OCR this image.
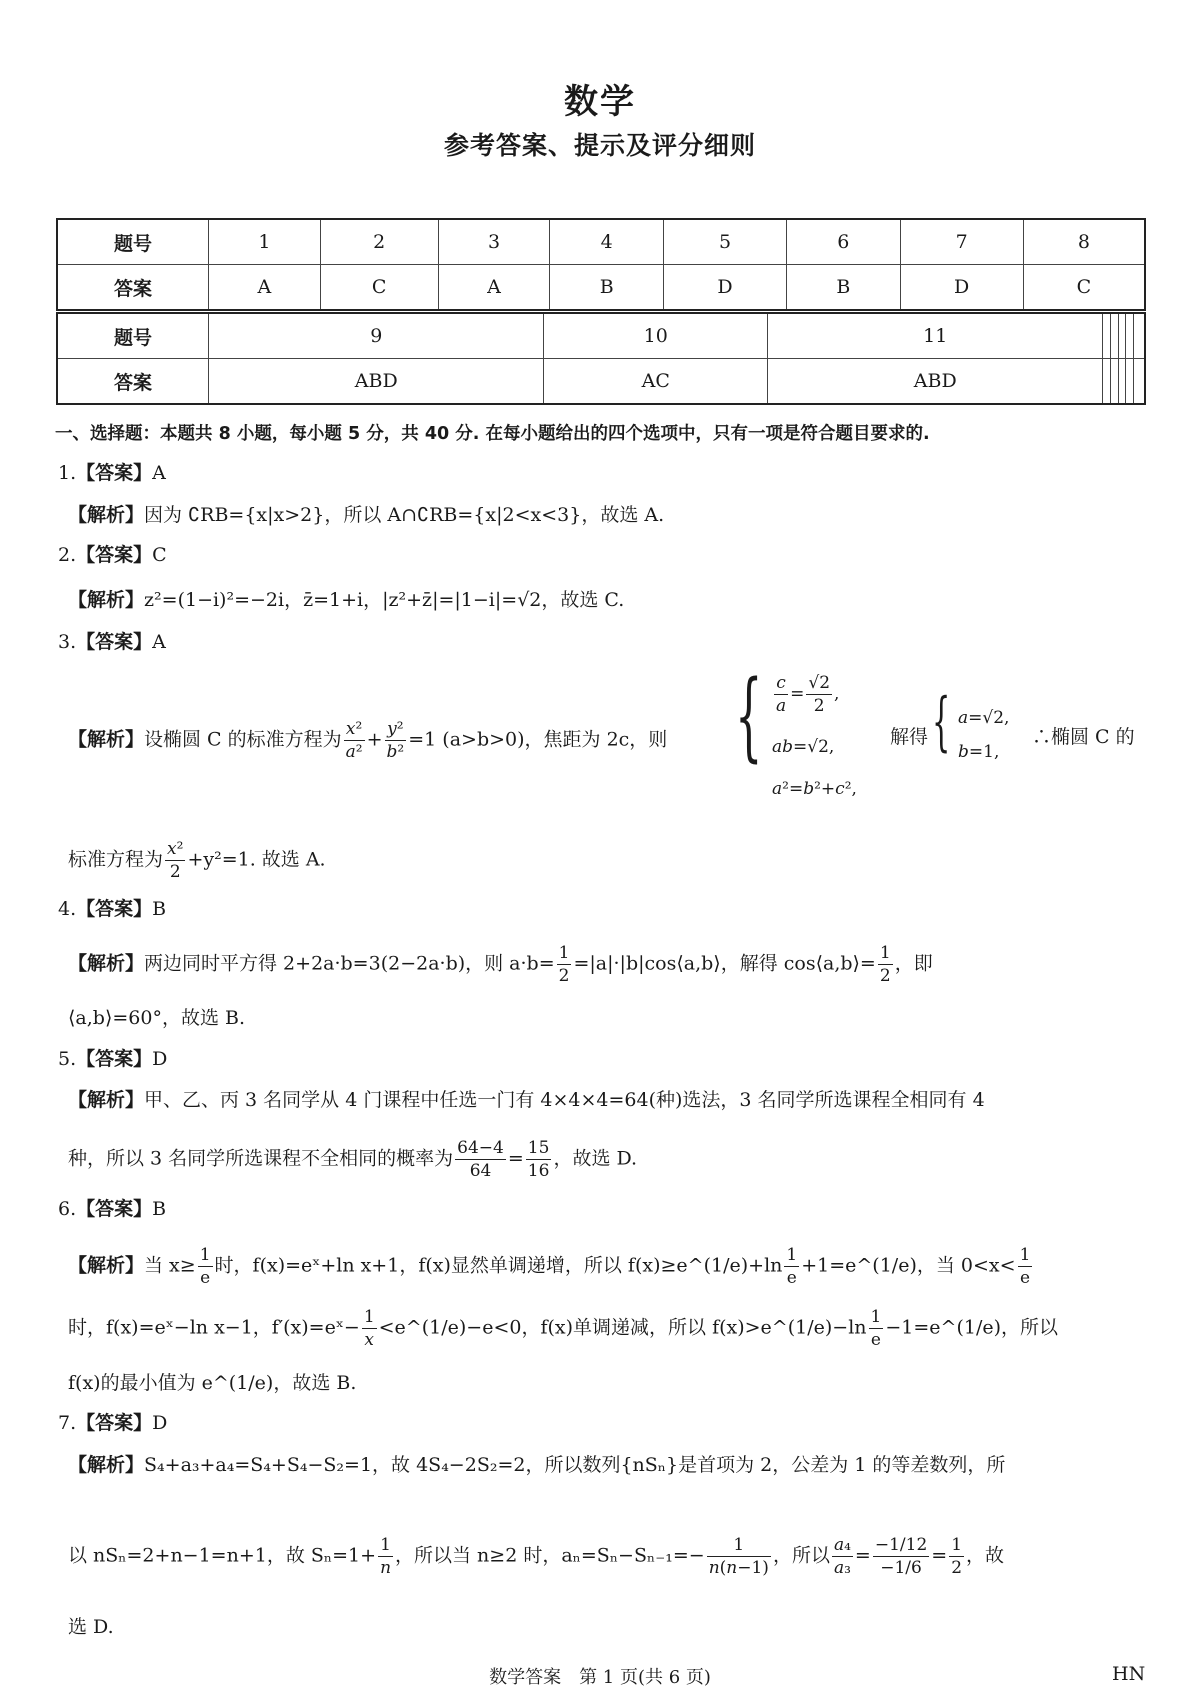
数学
参考答案、提示及评分细则
题号	1	2	3	4	5	6	7	8
答案	A	C	A	B	D	B	D	C
题号	9	10	11					
答案	ABD	AC	ABD					
一、选择题：本题共 8 小题，每小题 5 分，共 40 分. 在每小题给出的四个选项中，只有一项是符合题目要求的.
1.【答案】A
【解析】因为 ∁RB={x|x>2}，所以 A∩∁RB={x|2<x<3}，故选 A.
2.【答案】C
【解析】z²=(1−i)²=−2i，z̄=1+i，|z²+z̄|=|1−i|=√2，故选 C.
3.【答案】A
【解析】设椭圆 C 的标准方程为 $\frac{\text{x²}}{\text{a²}} + \frac{\text{y²}}{\text{b²}} =1$ (a>b>0)，焦距为 2c，则 { $\frac{c}{a} = \frac{√2}{2}$ ,
ab=√2,
a²=b²+c²,
解得 { a=√2,
b=1,
∴椭圆 C 的
标准方程为 $\frac{\text{x²}}{2} +y^2=1$. 故选 A.
4.【答案】B
【解析】两边同时平方得 2+2a·b=3(2−2a·b)，则 $a\cdot b= \frac{1}{2}$ =|a|·|b|cos⟨a,b⟩，解得 cos⟨a,b⟩= $\frac{1}{2}$ ，即
⟨a,b⟩=60°，故选 B.
5.【答案】D
【解析】甲、乙、丙 3 名同学从 4 门课程中任选一门有 4×4×4=64(种)选法，3 名同学所选课程全相同有 4
种，所以 3 名同学所选课程不全相同的概率为 $\frac{64-4}{64} = \frac{15}{16}$ ，故选 D.
6.【答案】B
【解析】当 $x\ge \frac{1}{e}$ 时，f(x)=eˣ+ln x+1，f(x)显然单调递增，所以 f(x)≥e^(1/e)+ln $\frac{1}{e}$ +1=e^(1/e)，当 $0<x< \frac{1}{e}$
时，f(x)=eˣ−ln x−1，f′(x)=eˣ− $\frac{1}{x}$ <e^(1/e)−e<0，f(x)单调递减，所以 f(x)>e^(1/e)−ln $\frac{1}{e}$ −1=e^(1/e)，所以
f(x)的最小值为 e^(1/e)，故选 B.
7.【答案】D
【解析】S₄+a₃+a₄=S₄+S₄−S₂=1，故 4S₄−2S₂=2，所以数列{nSₙ}是首项为 2，公差为 1 的等差数列，所
以 nSₙ=2+n−1=n+1，故 $S_n=1+ \frac{1}{n}$ ，所以当 n≥2 时，$a_n=S_n-S_{n-1}=- \frac{1}{n(n-1)}$ ，所以 $\frac{\text{a₄}}{\text{a₃}} = \frac{-1/12}{-1/6} = \frac{1}{2}$ ，故
选 D.
数学答案　第 1 页(共 6 页)	HN
